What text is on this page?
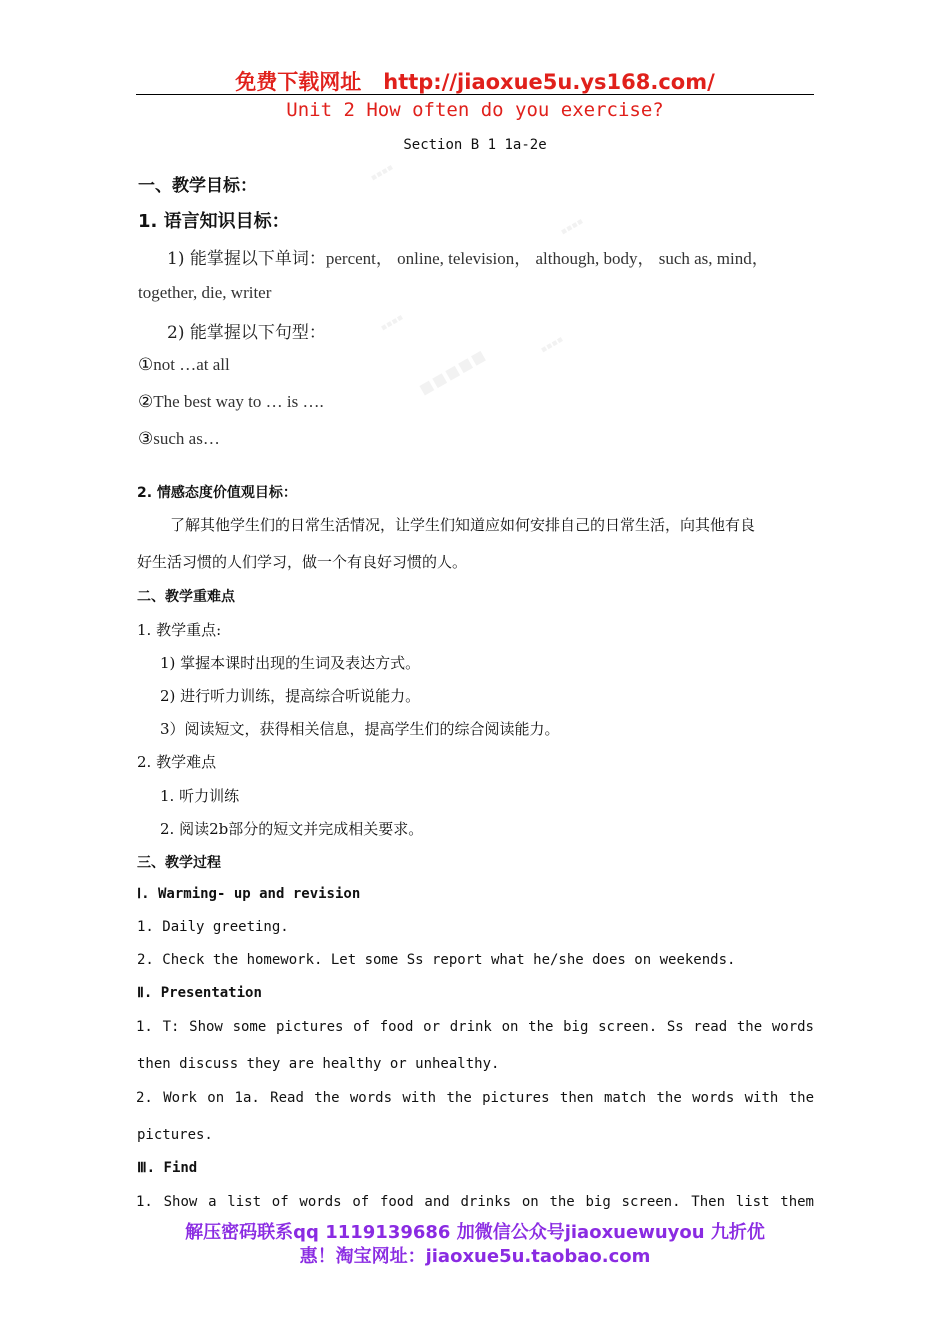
▪▪▪▪
▪▪▪▪
▪▪▪▪
▪▪▪▪▪	▪▪▪▪
免费下载网址 http://jiaoxue5u.ys168.com/
Unit 2 How often do you exercise?
Section B 1 1a-2e
一、教学目标：
1. 语言知识目标：
1) 能掌握以下单词：percent， online, television， although, body， such as, mind，
together, die, writer
2) 能掌握以下句型：
①not …at all
②The best way to … is ….
③such as…
2. 情感态度价值观目标：
了解其他学生们的日常生活情况，让学生们知道应如何安排自己的日常生活，向其他有良
好生活习惯的人们学习，做一个有良好习惯的人。
二、教学重难点
1. 教学重点:
1) 掌握本课时出现的生词及表达方式。
2) 进行听力训练，提高综合听说能力。
3）阅读短文，获得相关信息，提高学生们的综合阅读能力。
2. 教学难点
1. 听力训练
2. 阅读2b部分的短文并完成相关要求。
三、教学过程
Ⅰ. Warming- up and revision
1. Daily greeting.
2. Check the homework. Let some Ss report what he/she does on weekends.
Ⅱ. Presentation
1. T: Show some pictures of food or drink on the big screen. Ss read the words
then discuss they are healthy or unhealthy.
2. Work on 1a. Read the words with the pictures then match the words with the
pictures.
Ⅲ. Find
1. Show a list of words of food and drinks on the big screen. Then list them
解压密码联系qq 1119139686 加微信公众号jiaoxuewuyou 九折优
惠！淘宝网址：jiaoxue5u.taobao.com
